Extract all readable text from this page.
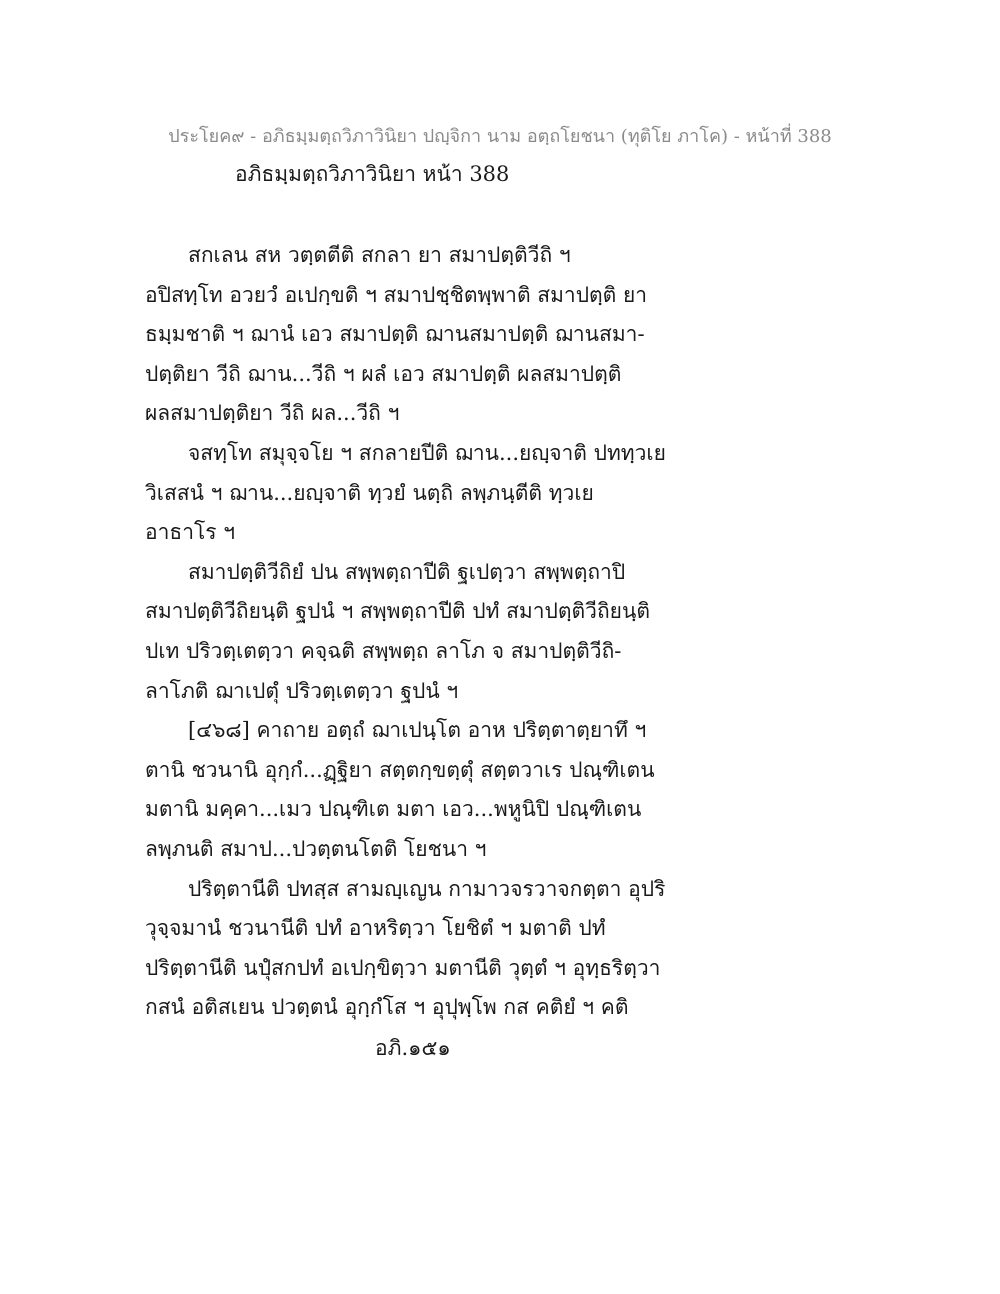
ประโยค๙ - อภิธมฺมตฺถวิภาวินิยา ปญฺจิกา นาม อตฺถโยชนา (ทุติโย ภาโค) - หน้าที่ 388
อภิธมฺมตฺถวิภาวินิยา หน้า 388
สกเลน สห วตฺตตีติ สกลา ยา สมาปตฺติวีถิ ฯ
อปิสทฺโท อวยวํ อเปกฺขติ ฯ สมาปชฺชิตพฺพาติ สมาปตฺติ ยา
ธมฺมชาติ ฯ ฌานํ เอว สมาปตฺติ ฌานสมาปตฺติ ฌานสมา-
ปตฺติยา วีถิ ฌาน...วีถิ ฯ ผลํ เอว สมาปตฺติ ผลสมาปตฺติ
ผลสมาปตฺติยา วีถิ ผล...วีถิ ฯ
จสทฺโท สมุจฺจโย ฯ สกลายปีติ ฌาน...ยญฺจาติ ปททฺวเย
วิเสสนํ ฯ ฌาน...ยญฺจาติ ทฺวยํ นตฺถิ ลพฺภนฺตีติ ทฺวเย
อาธาโร ฯ
สมาปตฺติวีถิยํ ปน สพฺพตฺถาปีติ ฐเปตฺวา สพฺพตฺถาปิ
สมาปตฺติวีถิยนฺติ ฐปนํ ฯ สพฺพตฺถาปีติ ปทํ สมาปตฺติวีถิยนฺติ
ปเท ปริวตฺเตตฺวา คจฺฉติ สพฺพตฺถ ลาโภ จ สมาปตฺติวีถิ-
ลาโภติ ฌาเปตุํ ปริวตฺเตตฺวา ฐปนํ ฯ
[๔๖๘] คาถาย อตฺถํ ฌาเปนฺโต อาห ปริตฺตาตฺยาทึ ฯ
ตานิ ชวนานิ อุกฺกํ...ฏฺฐิยา สตฺตกฺขตฺตุํ สตฺตวาเร ปณฺฑิเตน
มตานิ มคฺคา...เมว ปณฺฑิเต มตา เอว...พหูนิปิ ปณฺฑิเตน
ลพฺภนติ สมาป...ปวตฺตนโตติ โยชนา ฯ
ปริตฺตานีติ ปทสฺส สามญฺเญน กามาวจรวาจกตฺตา อุปริ
วุจฺจมานํ ชวนานีติ ปทํ อาหริตฺวา โยชิตํ ฯ มตาติ ปทํ
ปริตฺตานีติ นปุํสกปทํ อเปกฺขิตฺวา มตานีติ วุตฺตํ ฯ อุทฺธริตฺวา
กสนํ อติสเยน ปวตฺตนํ อุกฺกํโส ฯ อุปุพฺโพ กส คติยํ ฯ คติ
อภิ.๑๕๑
